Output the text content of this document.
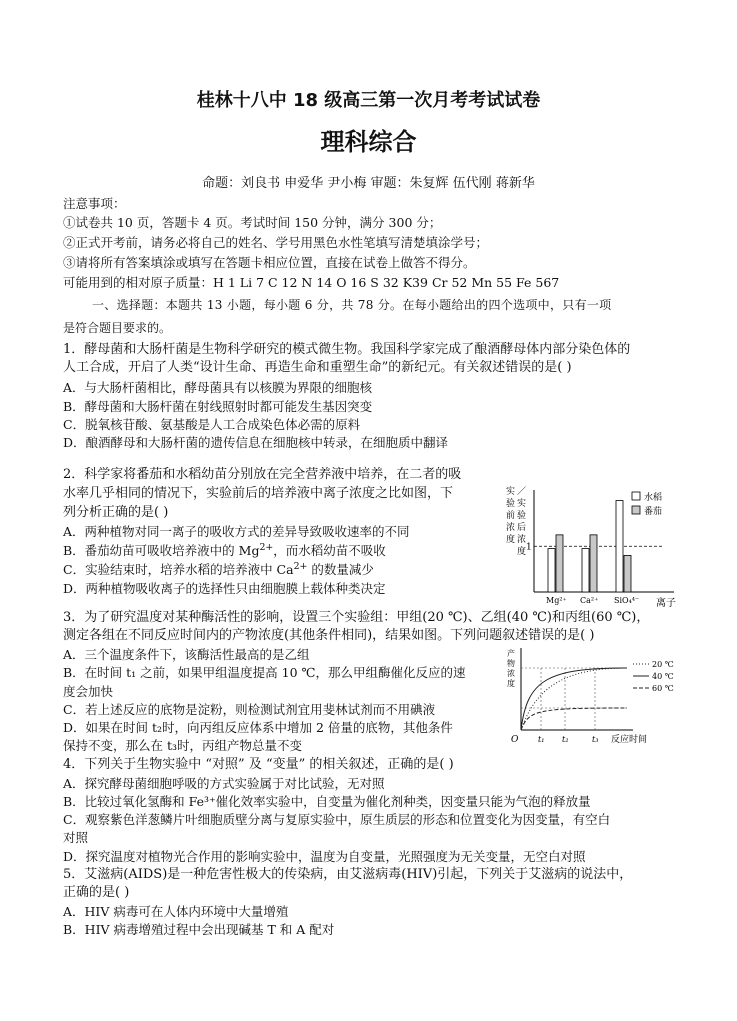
桂林十八中 18 级高三第一次月考考试试卷
理科综合
命题：刘良书 申爱华 尹小梅 审题：朱复辉 伍代刚 蒋新华
注意事项：
①试卷共 10 页，答题卡 4 页。考试时间 150 分钟，满分 300 分；
②正式开考前，请务必将自己的姓名、学号用黑色水性笔填写清楚填涂学号；
③请将所有答案填涂或填写在答题卡相应位置，直接在试卷上做答不得分。
可能用到的相对原子质量：H 1 Li 7 C 12 N 14 O 16 S 32 K39 Cr 52 Mn 55 Fe 567
一、选择题：本题共 13 小题，每小题 6 分，共 78 分。在每小题给出的四个选项中，只有一项
是符合题目要求的。
1．酵母菌和大肠杆菌是生物科学研究的模式微生物。我国科学家完成了酿酒酵母体内部分染色体的
人工合成，开启了人类“设计生命、再造生命和重塑生命”的新纪元。有关叙述错误的是( )
A．与大肠杆菌相比，酵母菌具有以核膜为界限的细胞核
B．酵母菌和大肠杆菌在射线照射时都可能发生基因突变
C．脱氧核苷酸、氨基酸是人工合成染色体必需的原料
D．酿酒酵母和大肠杆菌的遗传信息在细胞核中转录，在细胞质中翻译
2．科学家将番茄和水稻幼苗分别放在完全营养液中培养，在二者的吸
水率几乎相同的情况下，实验前后的培养液中离子浓度之比如图，下
列分析正确的是( )
A．两种植物对同一离子的吸收方式的差异导致吸收速率的不同
B．番茄幼苗可吸收培养液中的 $Mg^{2+}$，而水稻幼苗不吸收
C．实验结束时，培养水稻的培养液中 $Ca^{2+}$ 的数量减少
D．两种植物吸收离子的选择性只由细胞膜上载体种类决定
实
验
前
浓
度
／
实
验
后
浓
度 1
Mg²⁺ Ca²⁺ SiO₄⁴⁻ 离子
水稻
番茄
3．为了研究温度对某种酶活性的影响，设置三个实验组：甲组(20 ℃)、乙组(40 ℃)和丙组(60 ℃)，
测定各组在不同反应时间内的产物浓度(其他条件相同)，结果如图。下列问题叙述错误的是( )
A．三个温度条件下，该酶活性最高的是乙组
B．在时间 t₁ 之前，如果甲组温度提高 10 ℃，那么甲组酶催化反应的速
度会加快
C．若上述反应的底物是淀粉，则检测试剂宜用斐林试剂而不用碘液
D．如果在时间 t₂时，向丙组反应体系中增加 2 倍量的底物，其他条件
保持不变，那么在 t₃时，丙组产物总量不变
产
物
浓
度
O t₁ t₂	t₃ 反应时间
20 ℃
40 ℃
60 ℃
4．下列关于生物实验中 “对照” 及 “变量” 的相关叙述，正确的是( )
A．探究酵母菌细胞呼吸的方式实验属于对比试验，无对照
B．比较过氧化氢酶和 Fe³⁺催化效率实验中，自变量为催化剂种类，因变量只能为气泡的释放量
C．观察紫色洋葱鳞片叶细胞质壁分离与复原实验中，原生质层的形态和位置变化为因变量，有空白
对照
D．探究温度对植物光合作用的影响实验中，温度为自变量，光照强度为无关变量，无空白对照
5．艾滋病(AIDS)是一种危害性极大的传染病，由艾滋病毒(HIV)引起，下列关于艾滋病的说法中，
正确的是( )
A．HIV 病毒可在人体内环境中大量增殖
B．HIV 病毒增殖过程中会出现碱基 T 和 A 配对
